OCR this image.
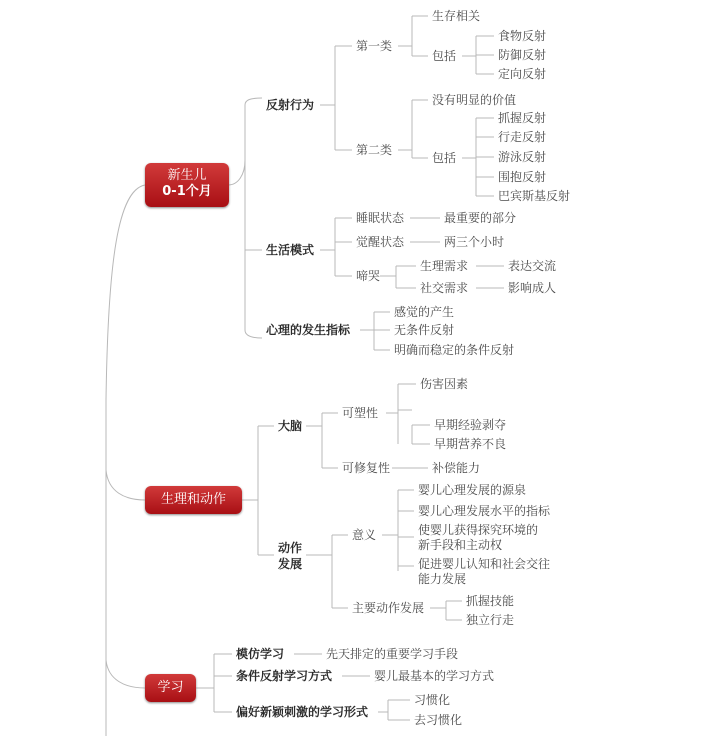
新生儿
0-1个月
生理和动作
学习
反射行为
第一类
生存相关
包括
食物反射
防御反射
定向反射
第二类
没有明显的价值
包括
抓握反射
行走反射
游泳反射
围抱反射
巴宾斯基反射
生活模式
睡眠状态	最重要的部分
觉醒状态	两三个小时
啼哭
生理需求	表达交流
社交需求	影响成人
心理的发生指标
感觉的产生
无条件反射
明确而稳定的条件反射
大脑
可塑性
伤害因素
早期经验剥夺
早期营养不良
可修复性	补偿能力
动作
发展
意义
婴儿心理发展的源泉
婴儿心理发展水平的指标
使婴儿获得探究环境的
新手段和主动权
促进婴儿认知和社会交往
能力发展
主要动作发展	抓握技能
独立行走
模仿学习	先天排定的重要学习手段
条件反射学习方式	婴儿最基本的学习方式
偏好新颖刺激的学习形式
习惯化
去习惯化
